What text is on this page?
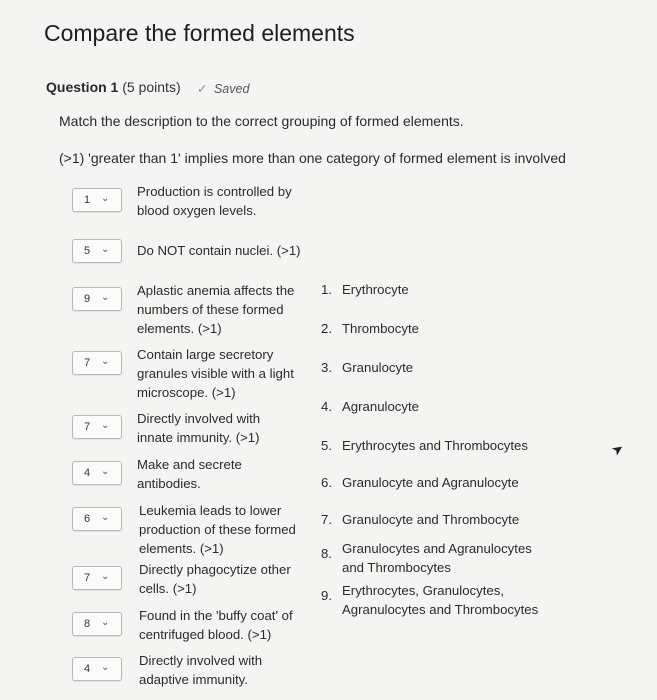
Compare the formed elements
Question 1 (5 points) ✓ Saved
Match the description to the correct grouping of formed elements.
(>1) 'greater than 1' implies more than one category of formed element is involved
1 ⌄ Production is controlled by
blood oxygen levels.
5 ⌄ Do NOT contain nuclei. (>1)
9 ⌄ Aplastic anemia affects the
numbers of these formed
elements. (>1)
7 ⌄ Contain large secretory
granules visible with a light
microscope. (>1)
7 ⌄ Directly involved with
innate immunity. (>1)
4 ⌄ Make and secrete
antibodies.
6 ⌄ Leukemia leads to lower
production of these formed
elements. (>1)
7 ⌄ Directly phagocytize other
cells. (>1)
8 ⌄ Found in the 'buffy coat' of
centrifuged blood. (>1)
4 ⌄ Directly involved with
adaptive immunity.
1. Erythrocyte
2. Thrombocyte
3. Granulocyte
4. Agranulocyte
5. Erythrocytes and Thrombocytes
6. Granulocyte and Agranulocyte
7. Granulocyte and Thrombocyte
8. Granulocytes and Agranulocytes
and Thrombocytes
9. Erythrocytes, Granulocytes,
Agranulocytes and Thrombocytes
➤
